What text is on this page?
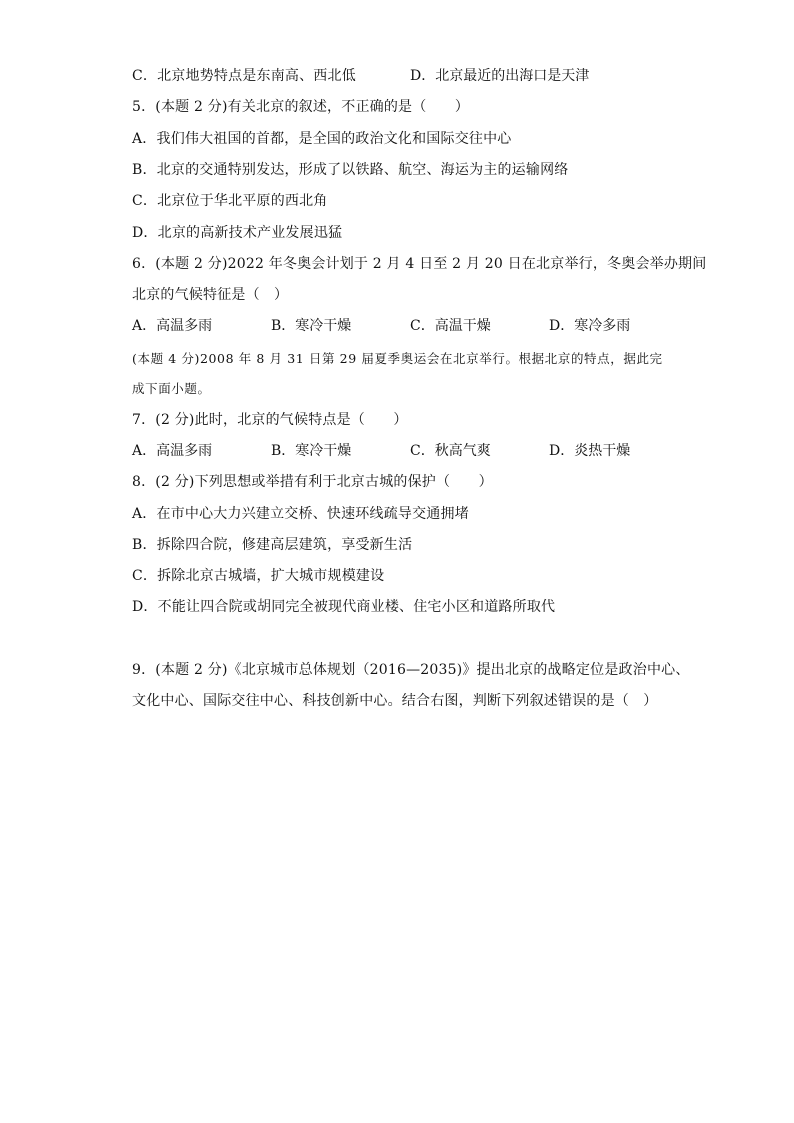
C．北京地势特点是东南高、西北低	D．北京最近的出海口是天津
5．(本题 2 分)有关北京的叙述，不正确的是（　　）
A．我们伟大祖国的首都，是全国的政治文化和国际交往中心
B．北京的交通特别发达，形成了以铁路、航空、海运为主的运输网络
C．北京位于华北平原的西北角
D．北京的高新技术产业发展迅猛
6．(本题 2 分)2022 年冬奥会计划于 2 月 4 日至 2 月 20 日在北京举行，冬奥会举办期间
北京的气候特征是（　）
A．高温多雨	B．寒冷干燥	C．高温干燥	D．寒冷多雨
(本题 4 分)2008 年 8 月 31 日第 29 届夏季奥运会在北京举行。根据北京的特点，据此完
成下面小题。
7．(2 分)此时，北京的气候特点是（　　）
A．高温多雨	B．寒冷干燥	C．秋高气爽	D．炎热干燥
8．(2 分)下列思想或举措有利于北京古城的保护（　　）
A．在市中心大力兴建立交桥、快速环线疏导交通拥堵
B．拆除四合院，修建高层建筑，享受新生活
C．拆除北京古城墙，扩大城市规模建设
D．不能让四合院或胡同完全被现代商业楼、住宅小区和道路所取代
9．(本题 2 分)《北京城市总体规划（2016—2035)》提出北京的战略定位是政治中心、
文化中心、国际交往中心、科技创新中心。结合右图，判断下列叙述错误的是（　）
